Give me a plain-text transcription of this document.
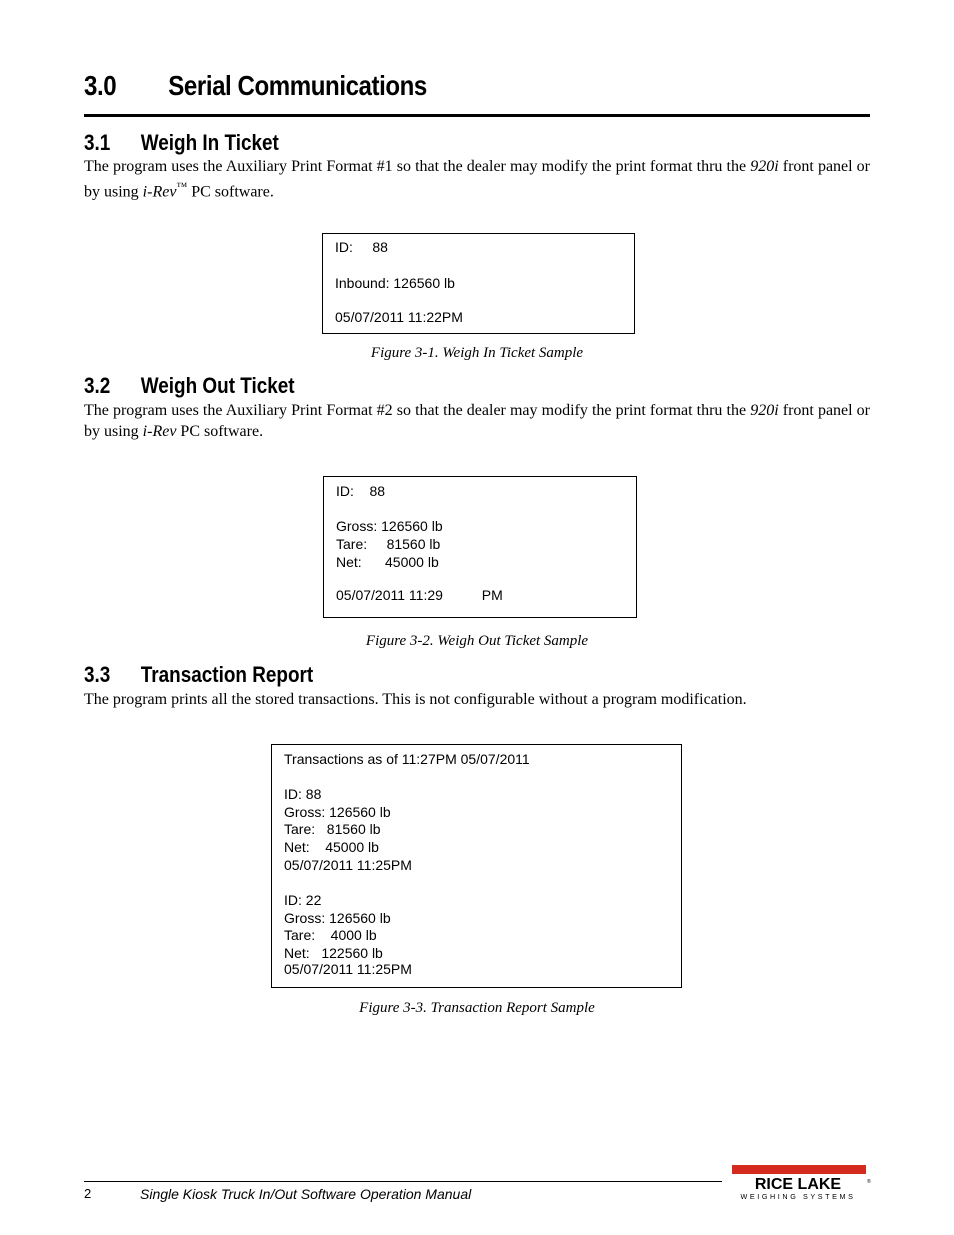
3.0 Serial Communications
3.1 Weigh In Ticket
The program uses the Auxiliary Print Format #1 so that the dealer may modify the print format thru the 920i front panel or by using i-Rev™ PC software.
ID:     88
Inbound: 126560 lb
05/07/2011 11:22PM
Figure 3-1. Weigh In Ticket Sample
3.2 Weigh Out Ticket
The program uses the Auxiliary Print Format #2 so that the dealer may modify the print format thru the 920i front panel or by using i-Rev PC software.
ID:    88
Gross: 126560 lb
Tare:     81560 lb
Net:      45000 lb
05/07/2011 11:29          PM
Figure 3-2. Weigh Out Ticket Sample
3.3 Transaction Report
The program prints all the stored transactions. This is not configurable without a program modification.
Transactions as of 11:27PM 05/07/2011
ID: 88
Gross: 126560 lb
Tare:   81560 lb
Net:    45000 lb
05/07/2011 11:25PM
ID: 22
Gross: 126560 lb
Tare:    4000 lb
Net:   122560 lb
05/07/2011 11:25PM
Figure 3-3. Transaction Report Sample
2	Single Kiosk Truck In/Out Software Operation Manual
RICE LAKE	®
WEIGHING SYSTEMS
